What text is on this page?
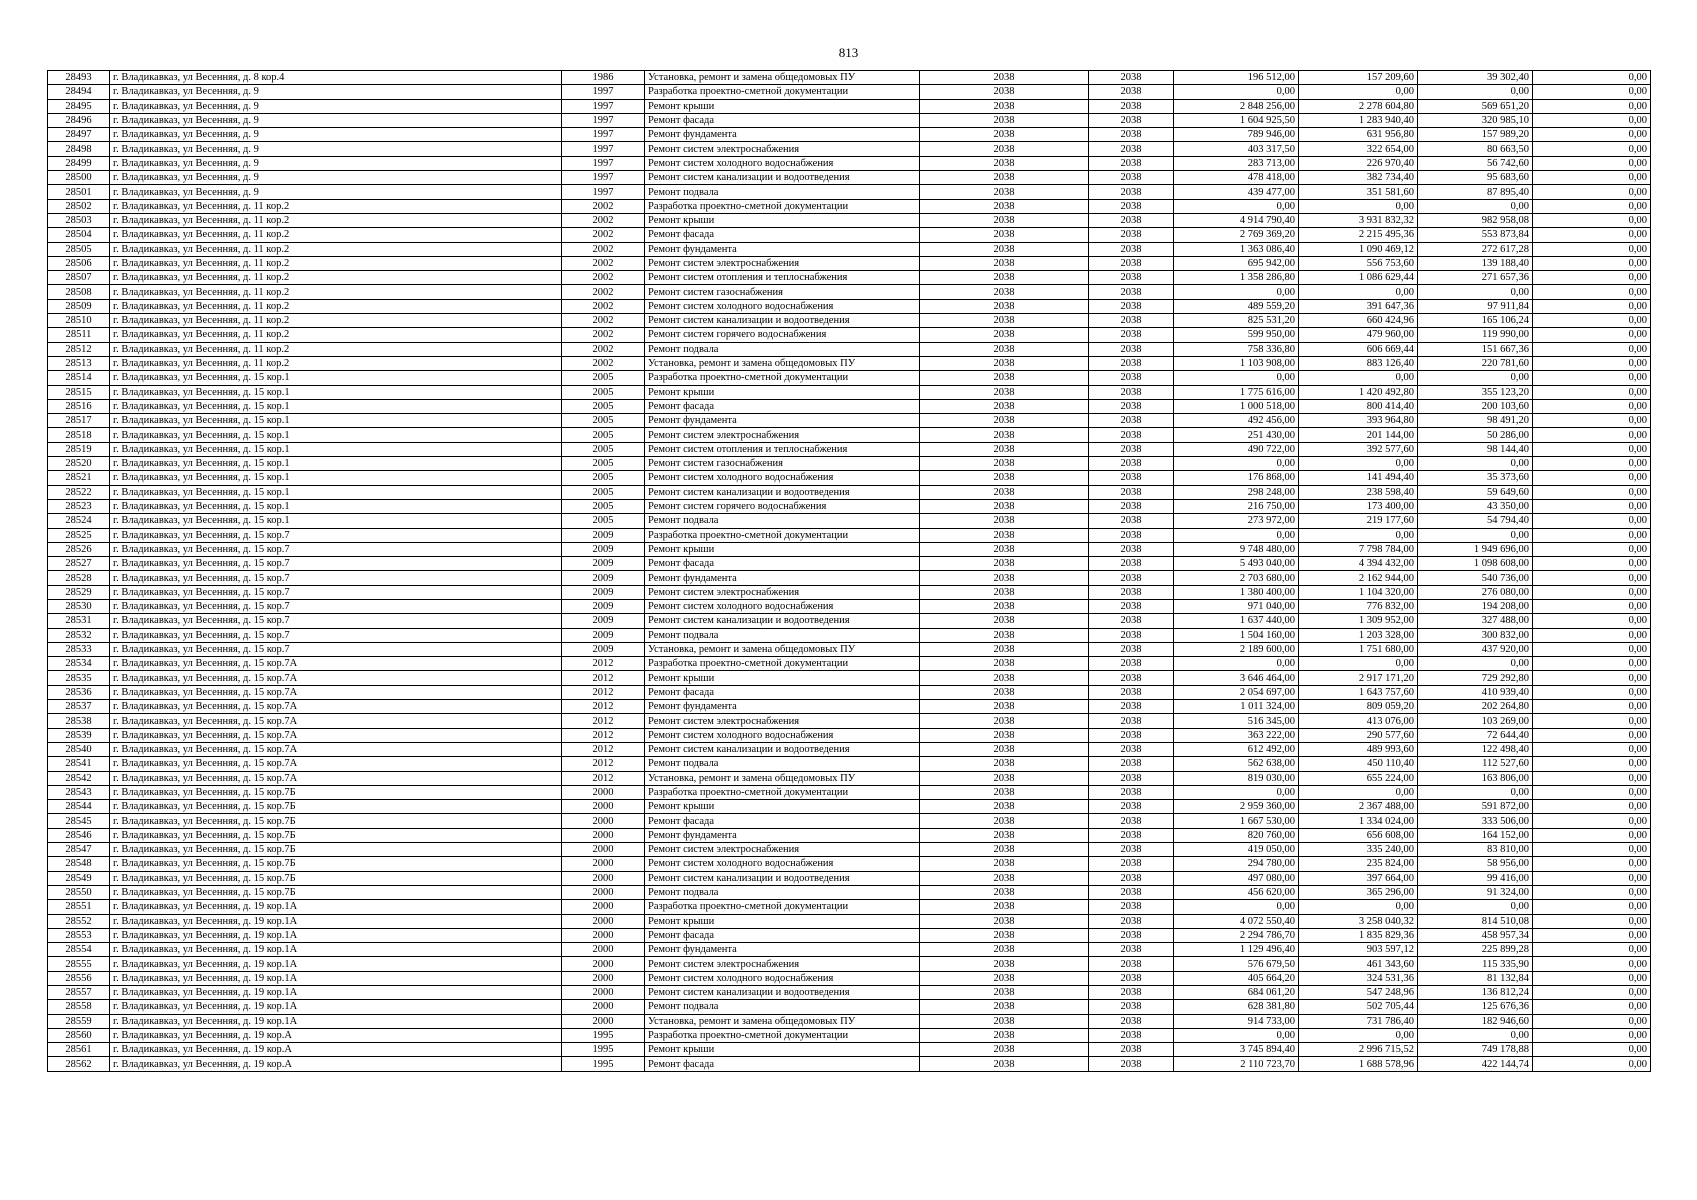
813
28493	г. Владикавказ, ул Весенняя, д. 8 кор.4	1986	Установка, ремонт и замена общедомовых ПУ	2038	2038	196 512,00	157 209,60	39 302,40	0,00
28494	г. Владикавказ, ул Весенняя, д. 9	1997	Разработка проектно-сметной документации	2038	2038	0,00	0,00	0,00	0,00
28495	г. Владикавказ, ул Весенняя, д. 9	1997	Ремонт крыши	2038	2038	2 848 256,00	2 278 604,80	569 651,20	0,00
28496	г. Владикавказ, ул Весенняя, д. 9	1997	Ремонт фасада	2038	2038	1 604 925,50	1 283 940,40	320 985,10	0,00
28497	г. Владикавказ, ул Весенняя, д. 9	1997	Ремонт фундамента	2038	2038	789 946,00	631 956,80	157 989,20	0,00
28498	г. Владикавказ, ул Весенняя, д. 9	1997	Ремонт систем электроснабжения	2038	2038	403 317,50	322 654,00	80 663,50	0,00
28499	г. Владикавказ, ул Весенняя, д. 9	1997	Ремонт систем холодного водоснабжения	2038	2038	283 713,00	226 970,40	56 742,60	0,00
28500	г. Владикавказ, ул Весенняя, д. 9	1997	Ремонт систем канализации и водоотведения	2038	2038	478 418,00	382 734,40	95 683,60	0,00
28501	г. Владикавказ, ул Весенняя, д. 9	1997	Ремонт подвала	2038	2038	439 477,00	351 581,60	87 895,40	0,00
28502	г. Владикавказ, ул Весенняя, д. 11 кор.2	2002	Разработка проектно-сметной документации	2038	2038	0,00	0,00	0,00	0,00
28503	г. Владикавказ, ул Весенняя, д. 11 кор.2	2002	Ремонт крыши	2038	2038	4 914 790,40	3 931 832,32	982 958,08	0,00
28504	г. Владикавказ, ул Весенняя, д. 11 кор.2	2002	Ремонт фасада	2038	2038	2 769 369,20	2 215 495,36	553 873,84	0,00
28505	г. Владикавказ, ул Весенняя, д. 11 кор.2	2002	Ремонт фундамента	2038	2038	1 363 086,40	1 090 469,12	272 617,28	0,00
28506	г. Владикавказ, ул Весенняя, д. 11 кор.2	2002	Ремонт систем электроснабжения	2038	2038	695 942,00	556 753,60	139 188,40	0,00
28507	г. Владикавказ, ул Весенняя, д. 11 кор.2	2002	Ремонт систем отопления и теплоснабжения	2038	2038	1 358 286,80	1 086 629,44	271 657,36	0,00
28508	г. Владикавказ, ул Весенняя, д. 11 кор.2	2002	Ремонт систем газоснабжения	2038	2038	0,00	0,00	0,00	0,00
28509	г. Владикавказ, ул Весенняя, д. 11 кор.2	2002	Ремонт систем холодного водоснабжения	2038	2038	489 559,20	391 647,36	97 911,84	0,00
28510	г. Владикавказ, ул Весенняя, д. 11 кор.2	2002	Ремонт систем канализации и водоотведения	2038	2038	825 531,20	660 424,96	165 106,24	0,00
28511	г. Владикавказ, ул Весенняя, д. 11 кор.2	2002	Ремонт систем горячего водоснабжения	2038	2038	599 950,00	479 960,00	119 990,00	0,00
28512	г. Владикавказ, ул Весенняя, д. 11 кор.2	2002	Ремонт подвала	2038	2038	758 336,80	606 669,44	151 667,36	0,00
28513	г. Владикавказ, ул Весенняя, д. 11 кор.2	2002	Установка, ремонт и замена общедомовых ПУ	2038	2038	1 103 908,00	883 126,40	220 781,60	0,00
28514	г. Владикавказ, ул Весенняя, д. 15 кор.1	2005	Разработка проектно-сметной документации	2038	2038	0,00	0,00	0,00	0,00
28515	г. Владикавказ, ул Весенняя, д. 15 кор.1	2005	Ремонт крыши	2038	2038	1 775 616,00	1 420 492,80	355 123,20	0,00
28516	г. Владикавказ, ул Весенняя, д. 15 кор.1	2005	Ремонт фасада	2038	2038	1 000 518,00	800 414,40	200 103,60	0,00
28517	г. Владикавказ, ул Весенняя, д. 15 кор.1	2005	Ремонт фундамента	2038	2038	492 456,00	393 964,80	98 491,20	0,00
28518	г. Владикавказ, ул Весенняя, д. 15 кор.1	2005	Ремонт систем электроснабжения	2038	2038	251 430,00	201 144,00	50 286,00	0,00
28519	г. Владикавказ, ул Весенняя, д. 15 кор.1	2005	Ремонт систем отопления и теплоснабжения	2038	2038	490 722,00	392 577,60	98 144,40	0,00
28520	г. Владикавказ, ул Весенняя, д. 15 кор.1	2005	Ремонт систем газоснабжения	2038	2038	0,00	0,00	0,00	0,00
28521	г. Владикавказ, ул Весенняя, д. 15 кор.1	2005	Ремонт систем холодного водоснабжения	2038	2038	176 868,00	141 494,40	35 373,60	0,00
28522	г. Владикавказ, ул Весенняя, д. 15 кор.1	2005	Ремонт систем канализации и водоотведения	2038	2038	298 248,00	238 598,40	59 649,60	0,00
28523	г. Владикавказ, ул Весенняя, д. 15 кор.1	2005	Ремонт систем горячего водоснабжения	2038	2038	216 750,00	173 400,00	43 350,00	0,00
28524	г. Владикавказ, ул Весенняя, д. 15 кор.1	2005	Ремонт подвала	2038	2038	273 972,00	219 177,60	54 794,40	0,00
28525	г. Владикавказ, ул Весенняя, д. 15 кор.7	2009	Разработка проектно-сметной документации	2038	2038	0,00	0,00	0,00	0,00
28526	г. Владикавказ, ул Весенняя, д. 15 кор.7	2009	Ремонт крыши	2038	2038	9 748 480,00	7 798 784,00	1 949 696,00	0,00
28527	г. Владикавказ, ул Весенняя, д. 15 кор.7	2009	Ремонт фасада	2038	2038	5 493 040,00	4 394 432,00	1 098 608,00	0,00
28528	г. Владикавказ, ул Весенняя, д. 15 кор.7	2009	Ремонт фундамента	2038	2038	2 703 680,00	2 162 944,00	540 736,00	0,00
28529	г. Владикавказ, ул Весенняя, д. 15 кор.7	2009	Ремонт систем электроснабжения	2038	2038	1 380 400,00	1 104 320,00	276 080,00	0,00
28530	г. Владикавказ, ул Весенняя, д. 15 кор.7	2009	Ремонт систем холодного водоснабжения	2038	2038	971 040,00	776 832,00	194 208,00	0,00
28531	г. Владикавказ, ул Весенняя, д. 15 кор.7	2009	Ремонт систем канализации и водоотведения	2038	2038	1 637 440,00	1 309 952,00	327 488,00	0,00
28532	г. Владикавказ, ул Весенняя, д. 15 кор.7	2009	Ремонт подвала	2038	2038	1 504 160,00	1 203 328,00	300 832,00	0,00
28533	г. Владикавказ, ул Весенняя, д. 15 кор.7	2009	Установка, ремонт и замена общедомовых ПУ	2038	2038	2 189 600,00	1 751 680,00	437 920,00	0,00
28534	г. Владикавказ, ул Весенняя, д. 15 кор.7А	2012	Разработка проектно-сметной документации	2038	2038	0,00	0,00	0,00	0,00
28535	г. Владикавказ, ул Весенняя, д. 15 кор.7А	2012	Ремонт крыши	2038	2038	3 646 464,00	2 917 171,20	729 292,80	0,00
28536	г. Владикавказ, ул Весенняя, д. 15 кор.7А	2012	Ремонт фасада	2038	2038	2 054 697,00	1 643 757,60	410 939,40	0,00
28537	г. Владикавказ, ул Весенняя, д. 15 кор.7А	2012	Ремонт фундамента	2038	2038	1 011 324,00	809 059,20	202 264,80	0,00
28538	г. Владикавказ, ул Весенняя, д. 15 кор.7А	2012	Ремонт систем электроснабжения	2038	2038	516 345,00	413 076,00	103 269,00	0,00
28539	г. Владикавказ, ул Весенняя, д. 15 кор.7А	2012	Ремонт систем холодного водоснабжения	2038	2038	363 222,00	290 577,60	72 644,40	0,00
28540	г. Владикавказ, ул Весенняя, д. 15 кор.7А	2012	Ремонт систем канализации и водоотведения	2038	2038	612 492,00	489 993,60	122 498,40	0,00
28541	г. Владикавказ, ул Весенняя, д. 15 кор.7А	2012	Ремонт подвала	2038	2038	562 638,00	450 110,40	112 527,60	0,00
28542	г. Владикавказ, ул Весенняя, д. 15 кор.7А	2012	Установка, ремонт и замена общедомовых ПУ	2038	2038	819 030,00	655 224,00	163 806,00	0,00
28543	г. Владикавказ, ул Весенняя, д. 15 кор.7Б	2000	Разработка проектно-сметной документации	2038	2038	0,00	0,00	0,00	0,00
28544	г. Владикавказ, ул Весенняя, д. 15 кор.7Б	2000	Ремонт крыши	2038	2038	2 959 360,00	2 367 488,00	591 872,00	0,00
28545	г. Владикавказ, ул Весенняя, д. 15 кор.7Б	2000	Ремонт фасада	2038	2038	1 667 530,00	1 334 024,00	333 506,00	0,00
28546	г. Владикавказ, ул Весенняя, д. 15 кор.7Б	2000	Ремонт фундамента	2038	2038	820 760,00	656 608,00	164 152,00	0,00
28547	г. Владикавказ, ул Весенняя, д. 15 кор.7Б	2000	Ремонт систем электроснабжения	2038	2038	419 050,00	335 240,00	83 810,00	0,00
28548	г. Владикавказ, ул Весенняя, д. 15 кор.7Б	2000	Ремонт систем холодного водоснабжения	2038	2038	294 780,00	235 824,00	58 956,00	0,00
28549	г. Владикавказ, ул Весенняя, д. 15 кор.7Б	2000	Ремонт систем канализации и водоотведения	2038	2038	497 080,00	397 664,00	99 416,00	0,00
28550	г. Владикавказ, ул Весенняя, д. 15 кор.7Б	2000	Ремонт подвала	2038	2038	456 620,00	365 296,00	91 324,00	0,00
28551	г. Владикавказ, ул Весенняя, д. 19 кор.1А	2000	Разработка проектно-сметной документации	2038	2038	0,00	0,00	0,00	0,00
28552	г. Владикавказ, ул Весенняя, д. 19 кор.1А	2000	Ремонт крыши	2038	2038	4 072 550,40	3 258 040,32	814 510,08	0,00
28553	г. Владикавказ, ул Весенняя, д. 19 кор.1А	2000	Ремонт фасада	2038	2038	2 294 786,70	1 835 829,36	458 957,34	0,00
28554	г. Владикавказ, ул Весенняя, д. 19 кор.1А	2000	Ремонт фундамента	2038	2038	1 129 496,40	903 597,12	225 899,28	0,00
28555	г. Владикавказ, ул Весенняя, д. 19 кор.1А	2000	Ремонт систем электроснабжения	2038	2038	576 679,50	461 343,60	115 335,90	0,00
28556	г. Владикавказ, ул Весенняя, д. 19 кор.1А	2000	Ремонт систем холодного водоснабжения	2038	2038	405 664,20	324 531,36	81 132,84	0,00
28557	г. Владикавказ, ул Весенняя, д. 19 кор.1А	2000	Ремонт систем канализации и водоотведения	2038	2038	684 061,20	547 248,96	136 812,24	0,00
28558	г. Владикавказ, ул Весенняя, д. 19 кор.1А	2000	Ремонт подвала	2038	2038	628 381,80	502 705,44	125 676,36	0,00
28559	г. Владикавказ, ул Весенняя, д. 19 кор.1А	2000	Установка, ремонт и замена общедомовых ПУ	2038	2038	914 733,00	731 786,40	182 946,60	0,00
28560	г. Владикавказ, ул Весенняя, д. 19 кор.А	1995	Разработка проектно-сметной документации	2038	2038	0,00	0,00	0,00	0,00
28561	г. Владикавказ, ул Весенняя, д. 19 кор.А	1995	Ремонт крыши	2038	2038	3 745 894,40	2 996 715,52	749 178,88	0,00
28562	г. Владикавказ, ул Весенняя, д. 19 кор.А	1995	Ремонт фасада	2038	2038	2 110 723,70	1 688 578,96	422 144,74	0,00
